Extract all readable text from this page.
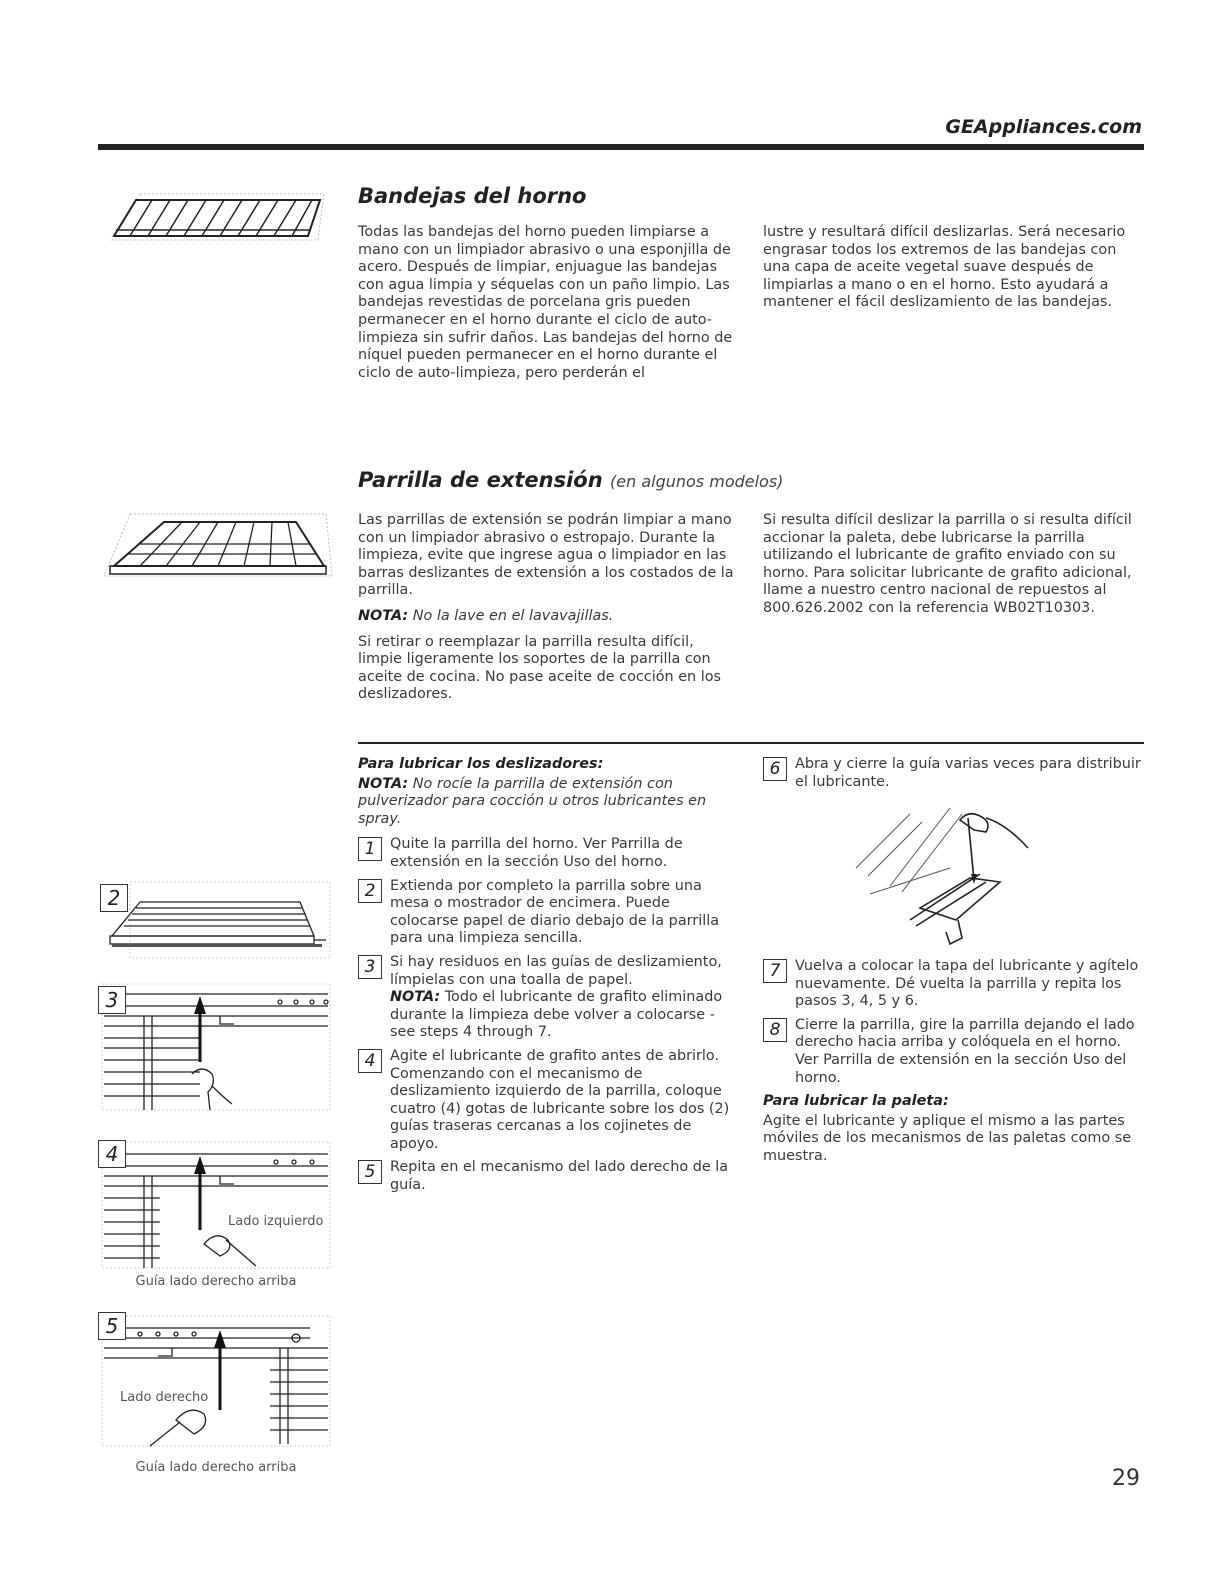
GEAppliances.com
Bandejas del horno
Todas las bandejas del horno pueden limpiarse a mano con un limpiador abrasivo o una esponjilla de acero. Después de limpiar, enjuague las bandejas con agua limpia y séquelas con un paño limpio. Las bandejas revestidas de porcelana gris pueden permanecer en el horno durante el ciclo de auto-limpieza sin sufrir daños. Las bandejas del horno de níquel pueden permanecer en el horno durante el ciclo de auto-limpieza, pero perderán el
lustre y resultará difícil deslizarlas. Será necesario engrasar todos los extremos de las bandejas con una capa de aceite vegetal suave después de limpiarlas a mano o en el horno. Esto ayudará a mantener el fácil deslizamiento de las bandejas.
Parrilla de extensión (en algunos modelos)

Las parrillas de extensión se podrán limpiar a mano con un limpiador abrasivo o estropajo. Durante la limpieza, evite que ingrese agua o limpiador en las barras deslizantes de extensión a los costados de la parrilla.

NOTA: No la lave en el lavavajillas.

Si retirar o reemplazar la parrilla resulta difícil, limpie ligeramente los soportes de la parrilla con aceite de cocina. No pase aceite de cocción en los deslizadores.

Si resulta difícil deslizar la parrilla o si resulta difícil accionar la paleta, debe lubricarse la parrilla utilizando el lubricante de grafito enviado con su horno. Para solicitar lubricante de grafito adicional, llame a nuestro centro nacional de repuestos al 800.626.2002 con la referencia WB02T10303.
Para lubricar los deslizadores:

NOTA: No rocíe la parrilla de extensión con pulverizador para cocción u otros lubricantes en spray.

1	Quite la parrilla del horno. Ver Parrilla de extensión en la sección Uso del horno.
2	Extienda por completo la parrilla sobre una mesa o mostrador de encimera. Puede colocarse papel de diario debajo de la parrilla para una limpieza sencilla.
3	Si hay residuos en las guías de deslizamiento, límpielas con una toalla de papel.
NOTA: Todo el lubricante de grafito eliminado durante la limpieza debe volver a colocarse - see steps 4 through 7.
4	Agite el lubricante de grafito antes de abrirlo. Comenzando con el mecanismo de deslizamiento izquierdo de la parrilla, coloque cuatro (4) gotas de lubricante sobre los dos (2) guías traseras cercanas a los cojinetes de apoyo.
5	Repita en el mecanismo del lado derecho de la guía.
6	Abra y cierre la guía varias veces para distribuir el lubricante.
7	Vuelva a colocar la tapa del lubricante y agítelo nuevamente. Dé vuelta la parrilla y repita los pasos 3, 4, 5 y 6.
8	Cierre la parrilla, gire la parrilla dejando el lado derecho hacia arriba y colóquela en el horno. Ver Parrilla de extensión en la sección Uso del horno.
Para lubricar la paleta:

Agite el lubricante y aplique el mismo a las partes móviles de los mecanismos de las paletas como se muestra.

2
3
4
Lado izquierdo
Guía lado derecho arriba
5
Lado derecho
Guía lado derecho arriba	29
